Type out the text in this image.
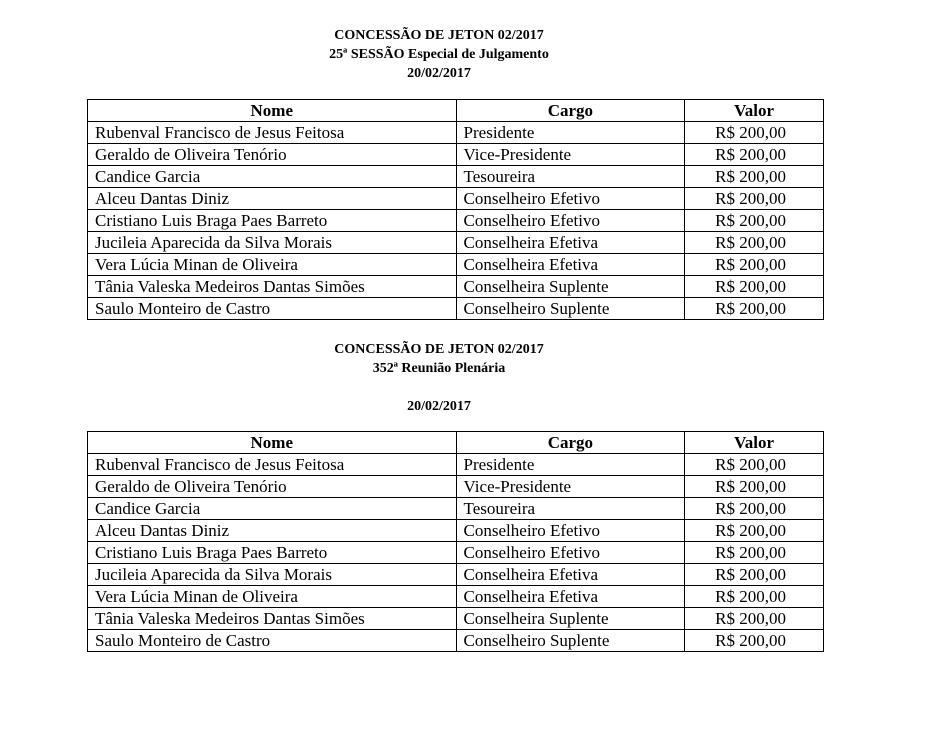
CONCESSÃO DE JETON 02/2017
25ª SESSÃO Especial de Julgamento
20/02/2017
Nome	Cargo	Valor
Rubenval Francisco de Jesus Feitosa	Presidente	R$ 200,00
Geraldo de Oliveira Tenório	Vice-Presidente	R$ 200,00
Candice Garcia	Tesoureira	R$ 200,00
Alceu Dantas Diniz	Conselheiro Efetivo	R$ 200,00
Cristiano Luis Braga Paes Barreto	Conselheiro Efetivo	R$ 200,00
Jucileia Aparecida da Silva Morais	Conselheira Efetiva	R$ 200,00
Vera Lúcia Minan de Oliveira	Conselheira Efetiva	R$ 200,00
Tânia Valeska Medeiros Dantas Simões	Conselheira Suplente	R$ 200,00
Saulo Monteiro de Castro	Conselheiro Suplente	R$ 200,00
CONCESSÃO DE JETON 02/2017
352ª Reunião Plenária
20/02/2017
Nome	Cargo	Valor
Rubenval Francisco de Jesus Feitosa	Presidente	R$ 200,00
Geraldo de Oliveira Tenório	Vice-Presidente	R$ 200,00
Candice Garcia	Tesoureira	R$ 200,00
Alceu Dantas Diniz	Conselheiro Efetivo	R$ 200,00
Cristiano Luis Braga Paes Barreto	Conselheiro Efetivo	R$ 200,00
Jucileia Aparecida da Silva Morais	Conselheira Efetiva	R$ 200,00
Vera Lúcia Minan de Oliveira	Conselheira Efetiva	R$ 200,00
Tânia Valeska Medeiros Dantas Simões	Conselheira Suplente	R$ 200,00
Saulo Monteiro de Castro	Conselheiro Suplente	R$ 200,00
